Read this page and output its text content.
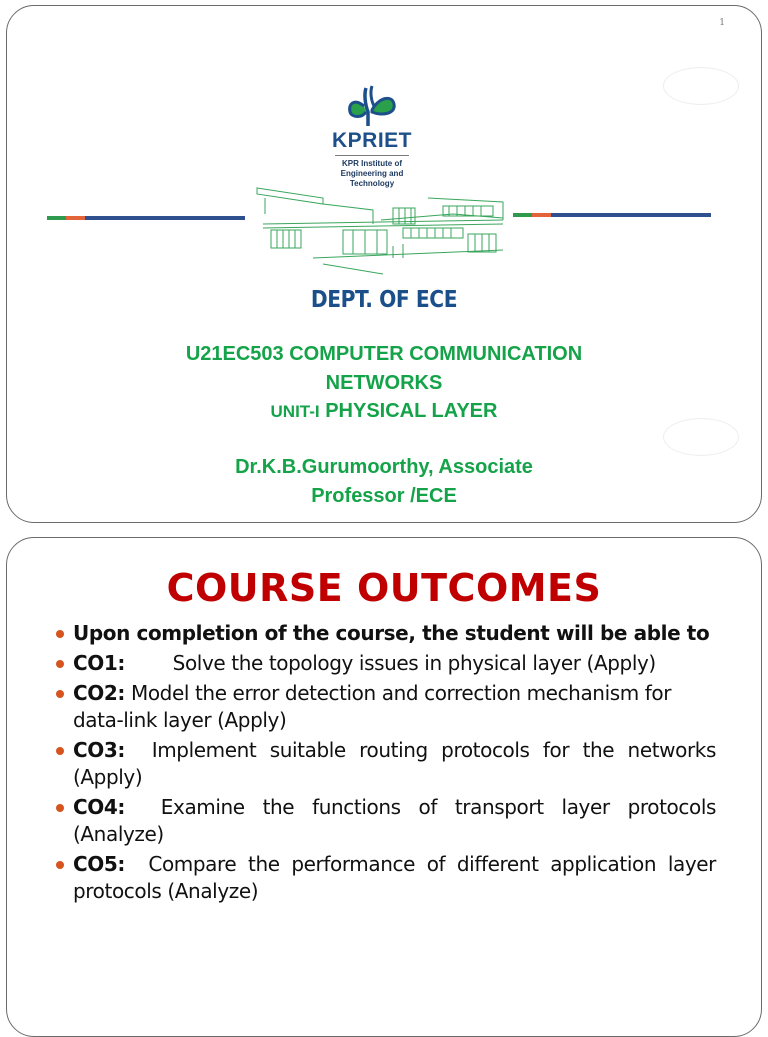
1
KPRIET
KPR Institute of
Engineering and
Technology
DEPT. OF ECE
U21EC503 COMPUTER COMMUNICATION
NETWORKS
UNIT-I PHYSICAL LAYER
Dr.K.B.Gurumoorthy, Associate
Professor /ECE
COURSE OUTCOMES
Upon completion of the course, the student will be able to
CO1: Solve the topology issues in physical layer (Apply)
CO2: Model the error detection and correction mechanism for data-link layer (Apply)
CO3: Implement suitable routing protocols for the networks (Apply)
CO4: Examine the functions of transport layer protocols (Analyze)
CO5: Compare the performance of different application layer protocols (Analyze)
